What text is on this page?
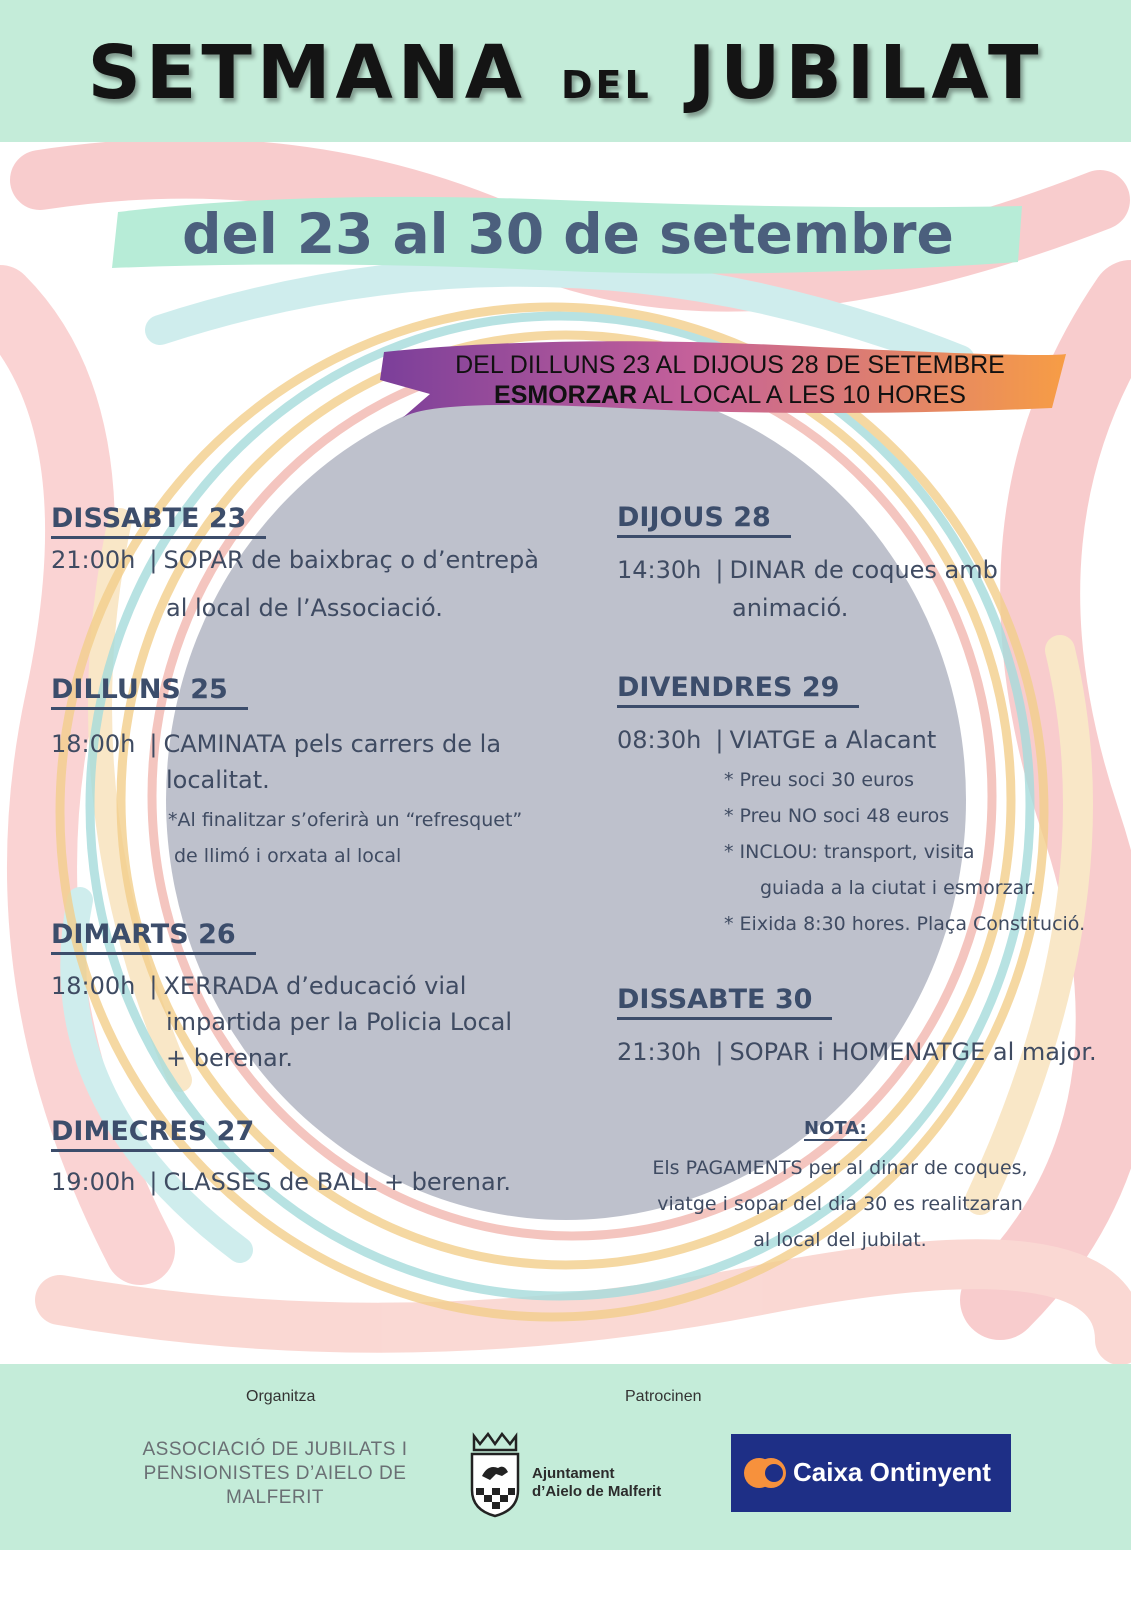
SETMANA DEL JUBILAT
del 23 al 30 de setembre
DEL DILLUNS 23 AL DIJOUS 28 DE SETEMBRE
ESMORZAR AL LOCAL A LES 10 HORES
DISSABTE 23
21:00h | SOPAR de baixbraç o d’entrepà
al local de l’Associació.
DILLUNS 25
18:00h | CAMINATA pels carrers de la
localitat.
*Al finalitzar s’oferirà un “refresquet”
de llimó i orxata al local
DIMARTS 26
18:00h | XERRADA d’educació vial
impartida per la Policia Local
+ berenar.
DIMECRES 27
19:00h | CLASSES de BALL + berenar.
DIJOUS 28
14:30h | DINAR de coques amb
animació.
DIVENDRES 29
08:30h | VIATGE a Alacant
* Preu soci 30 euros
* Preu NO soci 48 euros
* INCLOU: transport, visita
guiada a la ciutat i esmorzar.
* Eixida 8:30 hores. Plaça Constitució.
DISSABTE 30
21:30h | SOPAR i HOMENATGE al major.
NOTA:
Els PAGAMENTS per al dinar de coques,
viatge i sopar del dia 30 es realitzaran
al local del jubilat.
Organitza	Patrocinen
ASSOCIACIÓ DE JUBILATS I
PENSIONISTES D’AIELO DE
MALFERIT
Ajuntament
d’Aielo de Malferit
Caixa Ontinyent
